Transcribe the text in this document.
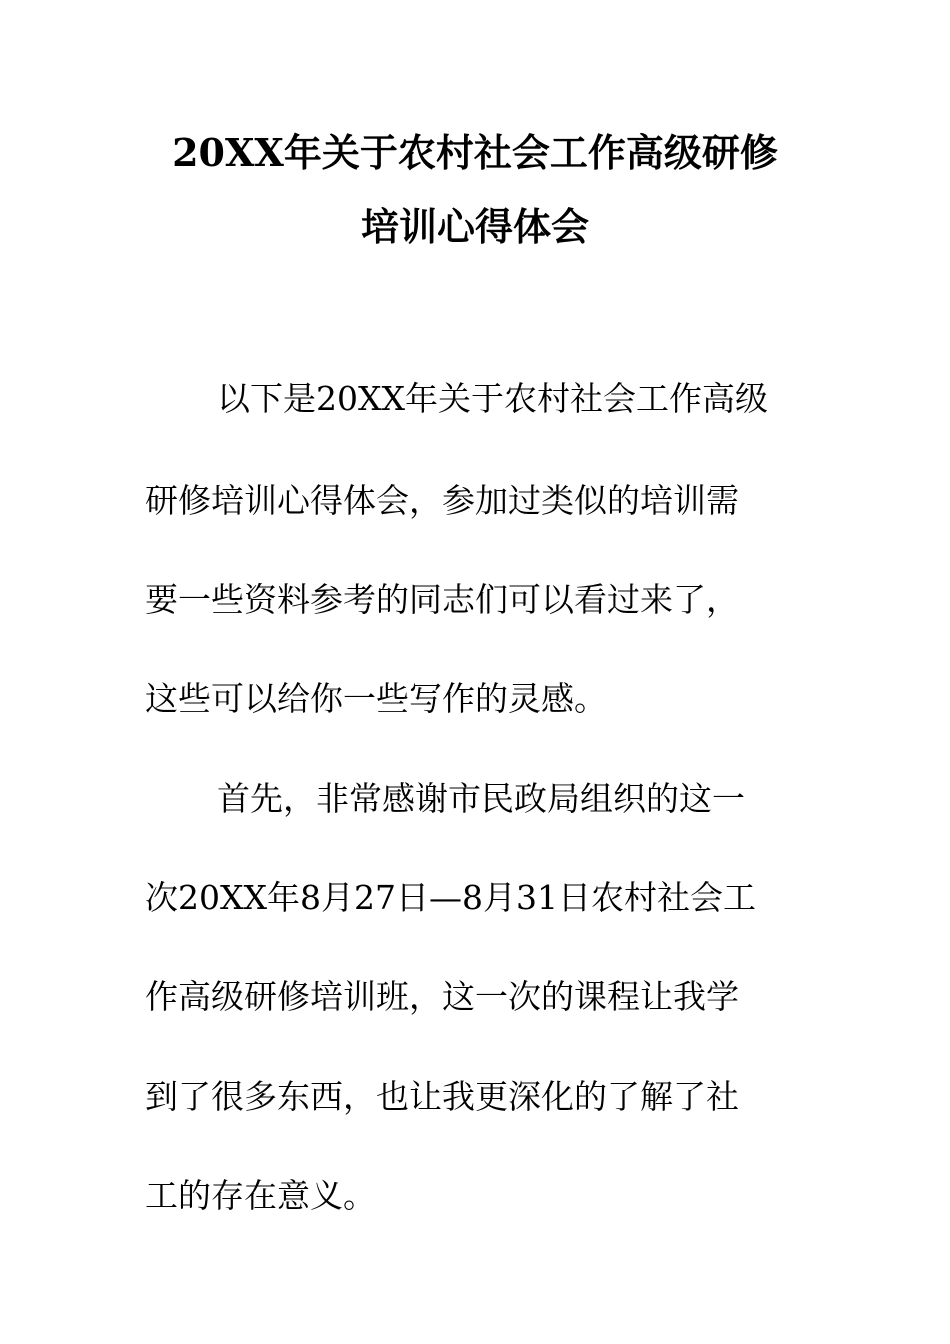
20XX年关于农村社会工作高级研修
培训心得体会
以下是20XX年关于农村社会工作高级
研修培训心得体会，参加过类似的培训需
要一些资料参考的同志们可以看过来了，
这些可以给你一些写作的灵感。
首先，非常感谢市民政局组织的这一
次20XX年8月27日—8月31日农村社会工
作高级研修培训班，这一次的课程让我学
到了很多东西，也让我更深化的了解了社
工的存在意义。
